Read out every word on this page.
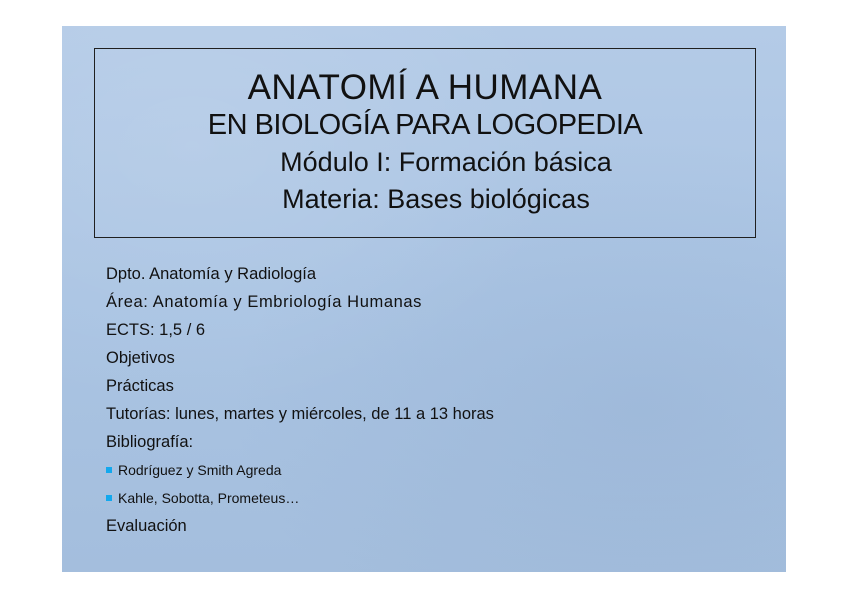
ANATOMÍ A HUMANA
EN BIOLOGÍA PARA LOGOPEDIA
Módulo I: Formación básica
Materia: Bases biológicas
Dpto. Anatomía y Radiología
Área: Anatomía y Embriología Humanas
ECTS: 1,5 / 6
Objetivos
Prácticas
Tutorías: lunes, martes y miércoles, de 11 a 13 horas
Bibliografía:
Rodríguez y Smith Agreda
Kahle, Sobotta, Prometeus…
Evaluación
